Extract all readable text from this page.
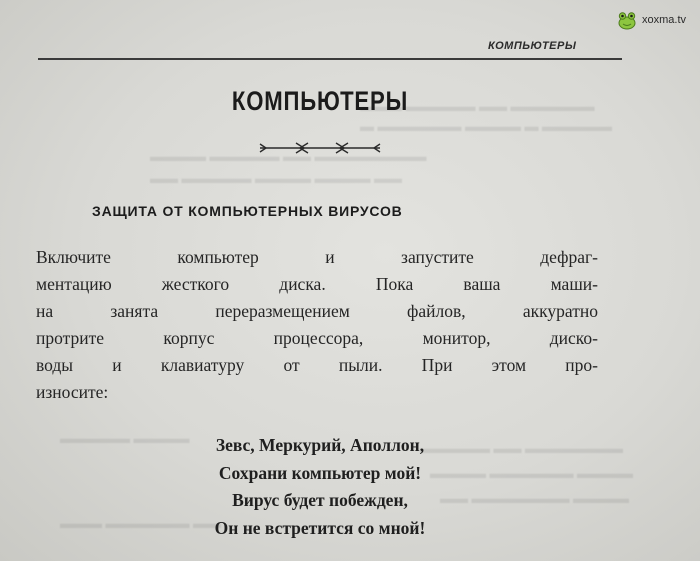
▬▬▬ ▬▬▬▬▬ ▬▬ ▬▬▬▬▬▬
▬ ▬▬▬▬▬▬ ▬▬▬▬ ▬ ▬▬▬▬▬
▬▬▬▬ ▬▬▬▬▬ ▬▬ ▬▬▬▬▬▬▬▬
▬▬ ▬▬▬▬▬ ▬▬▬▬ ▬▬▬▬ ▬▬
▬▬▬▬▬ ▬▬ ▬▬▬▬▬▬▬
▬▬▬▬ ▬▬▬▬▬▬ ▬▬▬▬
▬▬ ▬▬▬▬▬▬▬ ▬▬▬▬
▬▬▬▬▬ ▬▬▬▬
▬▬▬ ▬▬▬▬▬▬ ▬▬
xoxma.tv
КОМПЬЮТЕРЫ
КОМПЬЮТЕРЫ
ЗАЩИТА ОТ КОМПЬЮТЕРНЫХ ВИРУСОВ
Включите компьютер и запустите дефраг-
ментацию жесткого диска. Пока ваша маши-
на занята переразмещением файлов, аккуратно
протрите корпус процессора, монитор, диско-
воды и клавиатуру от пыли. При этом про-
износите:
Зевс, Меркурий, Аполлон,
Сохрани компьютер мой!
Вирус будет побежден,
Он не встретится со мной!
